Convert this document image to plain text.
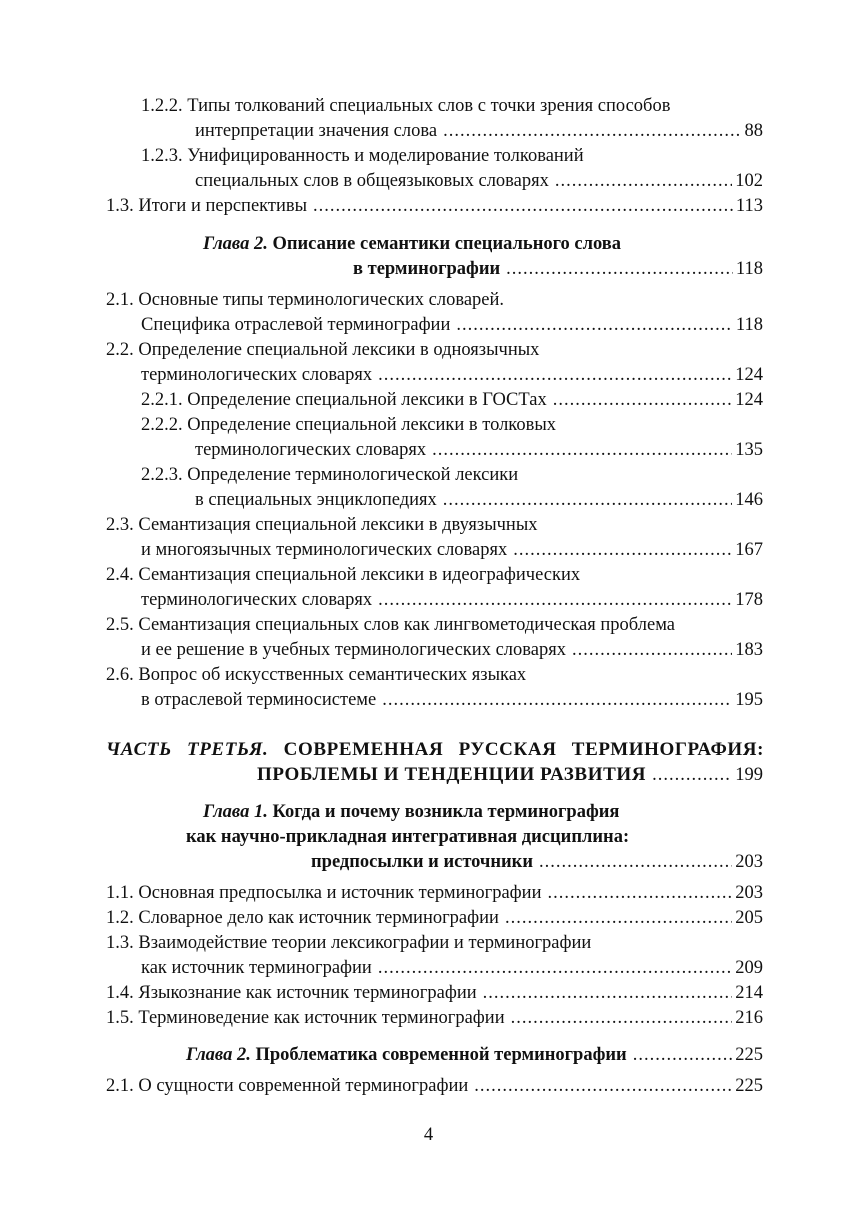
1.2.2. Типы толкований специальных слов с точки зрения способов
интерпретации значения слова .....	88
1.2.3. Унифицированность и моделирование толкований
специальных слов в общеязыковых словарях .....	102
1.3. Итоги и перспективы .....	113
Глава 2. Описание семантики специального слова
в терминографии .....	118
2.1. Основные типы терминологических словарей.
Специфика отраслевой терминографии .....	118
2.2. Определение специальной лексики в одноязычных
терминологических словарях .....	124
2.2.1. Определение специальной лексики в ГОСТах .....	124
2.2.2. Определение специальной лексики в толковых
терминологических словарях .....	135
2.2.3. Определение терминологической лексики
в специальных энциклопедиях .....	146
2.3. Семантизация специальной лексики в двуязычных
и многоязычных терминологических словарях .....	167
2.4. Семантизация специальной лексики в идеографических
терминологических словарях .....	178
2.5. Семантизация специальных слов как лингвометодическая проблема
и ее решение в учебных терминологических словарях .....	183
2.6. Вопрос об искусственных семантических языках
в отраслевой терминосистеме .....	195
ЧАСТЬ ТРЕТЬЯ. СОВРЕМЕННАЯ РУССКАЯ ТЕРМИНОГРАФИЯ:
ПРОБЛЕМЫ И ТЕНДЕНЦИИ РАЗВИТИЯ .....	199
Глава 1. Когда и почему возникла терминография
как научно-прикладная интегративная дисциплина:
предпосылки и источники .....	203
1.1. Основная предпосылка и источник терминографии .....	203
1.2. Словарное дело как источник терминографии .....	205
1.3. Взаимодействие теории лексикографии и терминографии
как источник терминографии .....	209
1.4. Языкознание как источник терминографии .....	214
1.5. Терминоведение как источник терминографии .....	216
Глава 2. Проблематика современной терминографии .....	225
2.1. О сущности современной терминографии .....	225
4
